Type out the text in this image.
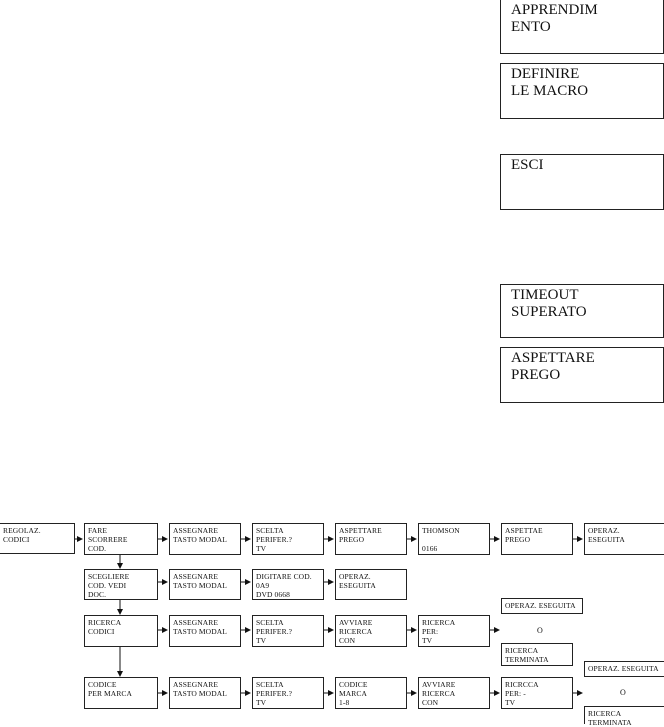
APPRENDIM
ENTO
DEFINIRE
LE MACRO
ESCI
TIMEOUT
SUPERATO
ASPETTARE
PREGO
REGOLAZ.
CODICI
FARE
SCORRERE
COD.
ASSEGNARE
TASTO MODAL
SCELTA
PERIFER.?
TV
ASPETTARE
PREGO
THOMSON

0166
ASPETTAE
PREGO
OPERAZ.
ESEGUITA
SCEGLIERE
COD. VEDI
DOC.
ASSEGNARE
TASTO MODAL
DIGITARE COD. 0A9
DVD 0668
OPERAZ.
ESEGUITA
RICERCA
CODICI
ASSEGNARE
TASTO MODAL
SCELTA
PERIFER.?
TV
AVVIARE
RICERCA
CON
RICERCA
PER:
TV
OPERAZ. ESEGUITA
O
RICERCA
TERMINATA
CODICE
PER MARCA
ASSEGNARE
TASTO MODAL
SCELTA
PERIFER.?
TV
CODICE
MARCA
1-8
AVVIARE
RICERCA
CON
RICRCCA
PER: -
TV
OPERAZ. ESEGUITA
O
RICERCA
TERMINATA
